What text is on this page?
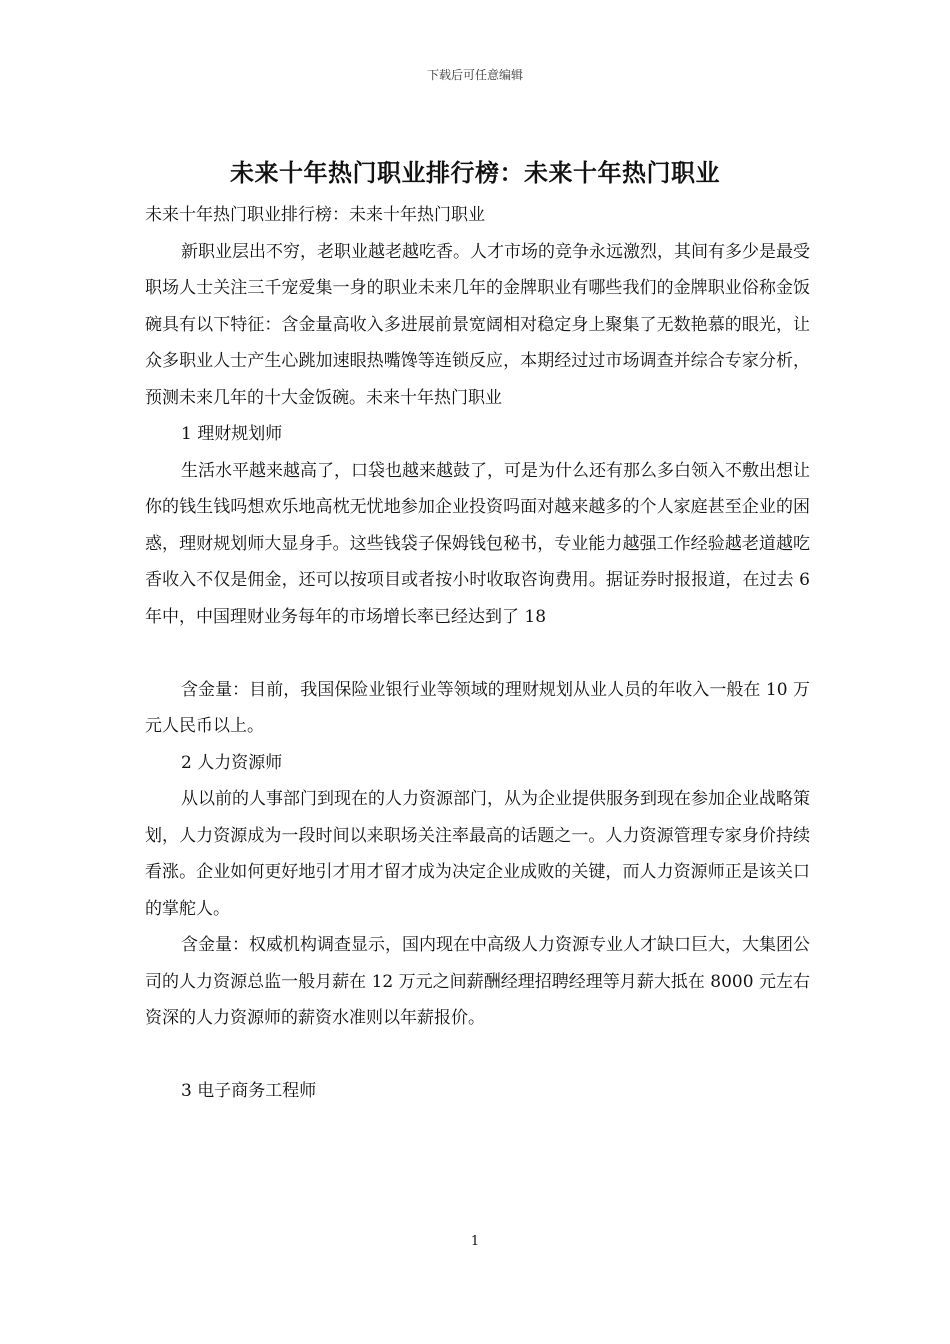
下载后可任意编辑
未来十年热门职业排行榜：未来十年热门职业

未来十年热门职业排行榜：未来十年热门职业

新职业层出不穷，老职业越老越吃香。人才市场的竞争永远激烈，其间有多少是最受职场人士关注三千宠爱集一身的职业未来几年的金牌职业有哪些我们的金牌职业俗称金饭碗具有以下特征：含金量高收入多进展前景宽阔相对稳定身上聚集了无数艳慕的眼光，让众多职业人士产生心跳加速眼热嘴馋等连锁反应，本期经过过市场调查并综合专家分析，预测未来几年的十大金饭碗。未来十年热门职业

1 理财规划师

生活水平越来越高了，口袋也越来越鼓了，可是为什么还有那么多白领入不敷出想让你的钱生钱吗想欢乐地高枕无忧地参加企业投资吗面对越来越多的个人家庭甚至企业的困惑，理财规划师大显身手。这些钱袋子保姆钱包秘书，专业能力越强工作经验越老道越吃香收入不仅是佣金，还可以按项目或者按小时收取咨询费用。据证券时报报道，在过去 6 年中，中国理财业务每年的市场增长率已经达到了 18

含金量：目前，我国保险业银行业等领域的理财规划从业人员的年收入一般在 10 万元人民币以上。

2 人力资源师

从以前的人事部门到现在的人力资源部门，从为企业提供服务到现在参加企业战略策划，人力资源成为一段时间以来职场关注率最高的话题之一。人力资源管理专家身价持续看涨。企业如何更好地引才用才留才成为决定企业成败的关键，而人力资源师正是该关口的掌舵人。

含金量：权威机构调查显示，国内现在中高级人力资源专业人才缺口巨大，大集团公司的人力资源总监一般月薪在 12 万元之间薪酬经理招聘经理等月薪大抵在 8000 元左右资深的人力资源师的薪资水准则以年薪报价。

3 电子商务工程师

1
